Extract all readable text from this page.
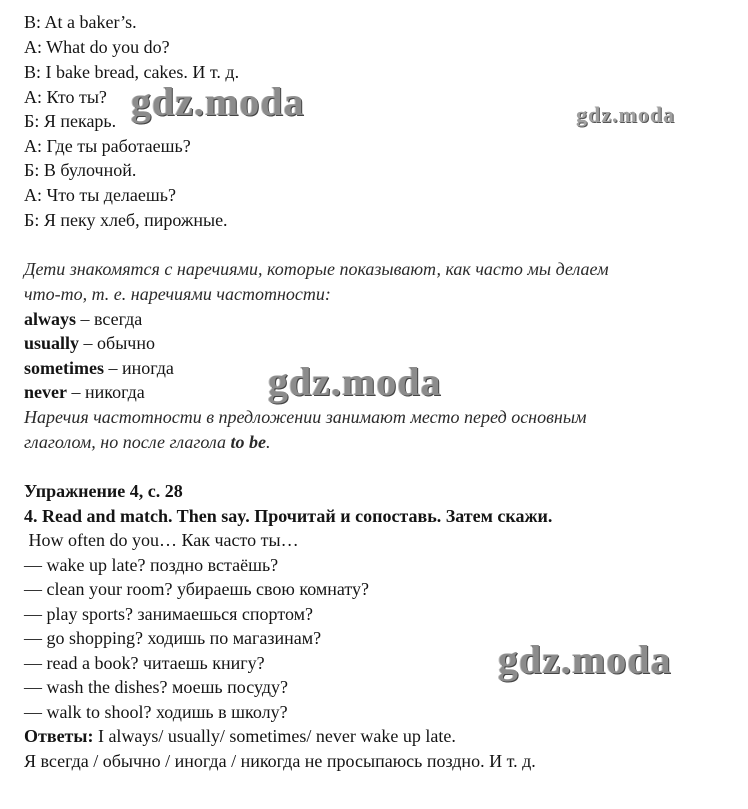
B: At a baker’s.
A: What do you do?
B: I bake bread, cakes. И т. д.
А: Кто ты?
Б: Я пекарь.
А: Где ты работаешь?
Б: В булочной.
А: Что ты делаешь?
Б: Я пеку хлеб, пирожные.
Дети знакомятся с наречиями, которые показывают, как часто мы делаем
что-то, т. е. наречиями частотности:
always – всегда
usually – обычно
sometimes – иногда
never – никогда
Наречия частотности в предложении занимают место перед основным
глаголом, но после глагола to be.
Упражнение 4, с. 28
4. Read and match. Then say. Прочитай и сопоставь. Затем скажи.
How often do you… Как часто ты…
— wake up late? поздно встаёшь?
— clean your room? убираешь свою комнату?
— play sports? занимаешься спортом?
— go shopping? ходишь по магазинам?
— read a book? читаешь книгу?
— wash the dishes? моешь посуду?
— walk to shool? ходишь в школу?
Ответы: I always/ usually/ sometimes/ never wake up late.
Я всегда / обычно / иногда / никогда не просыпаюсь поздно. И т. д.
gdz.moda	gdz.moda
gdz.moda
gdz.moda
